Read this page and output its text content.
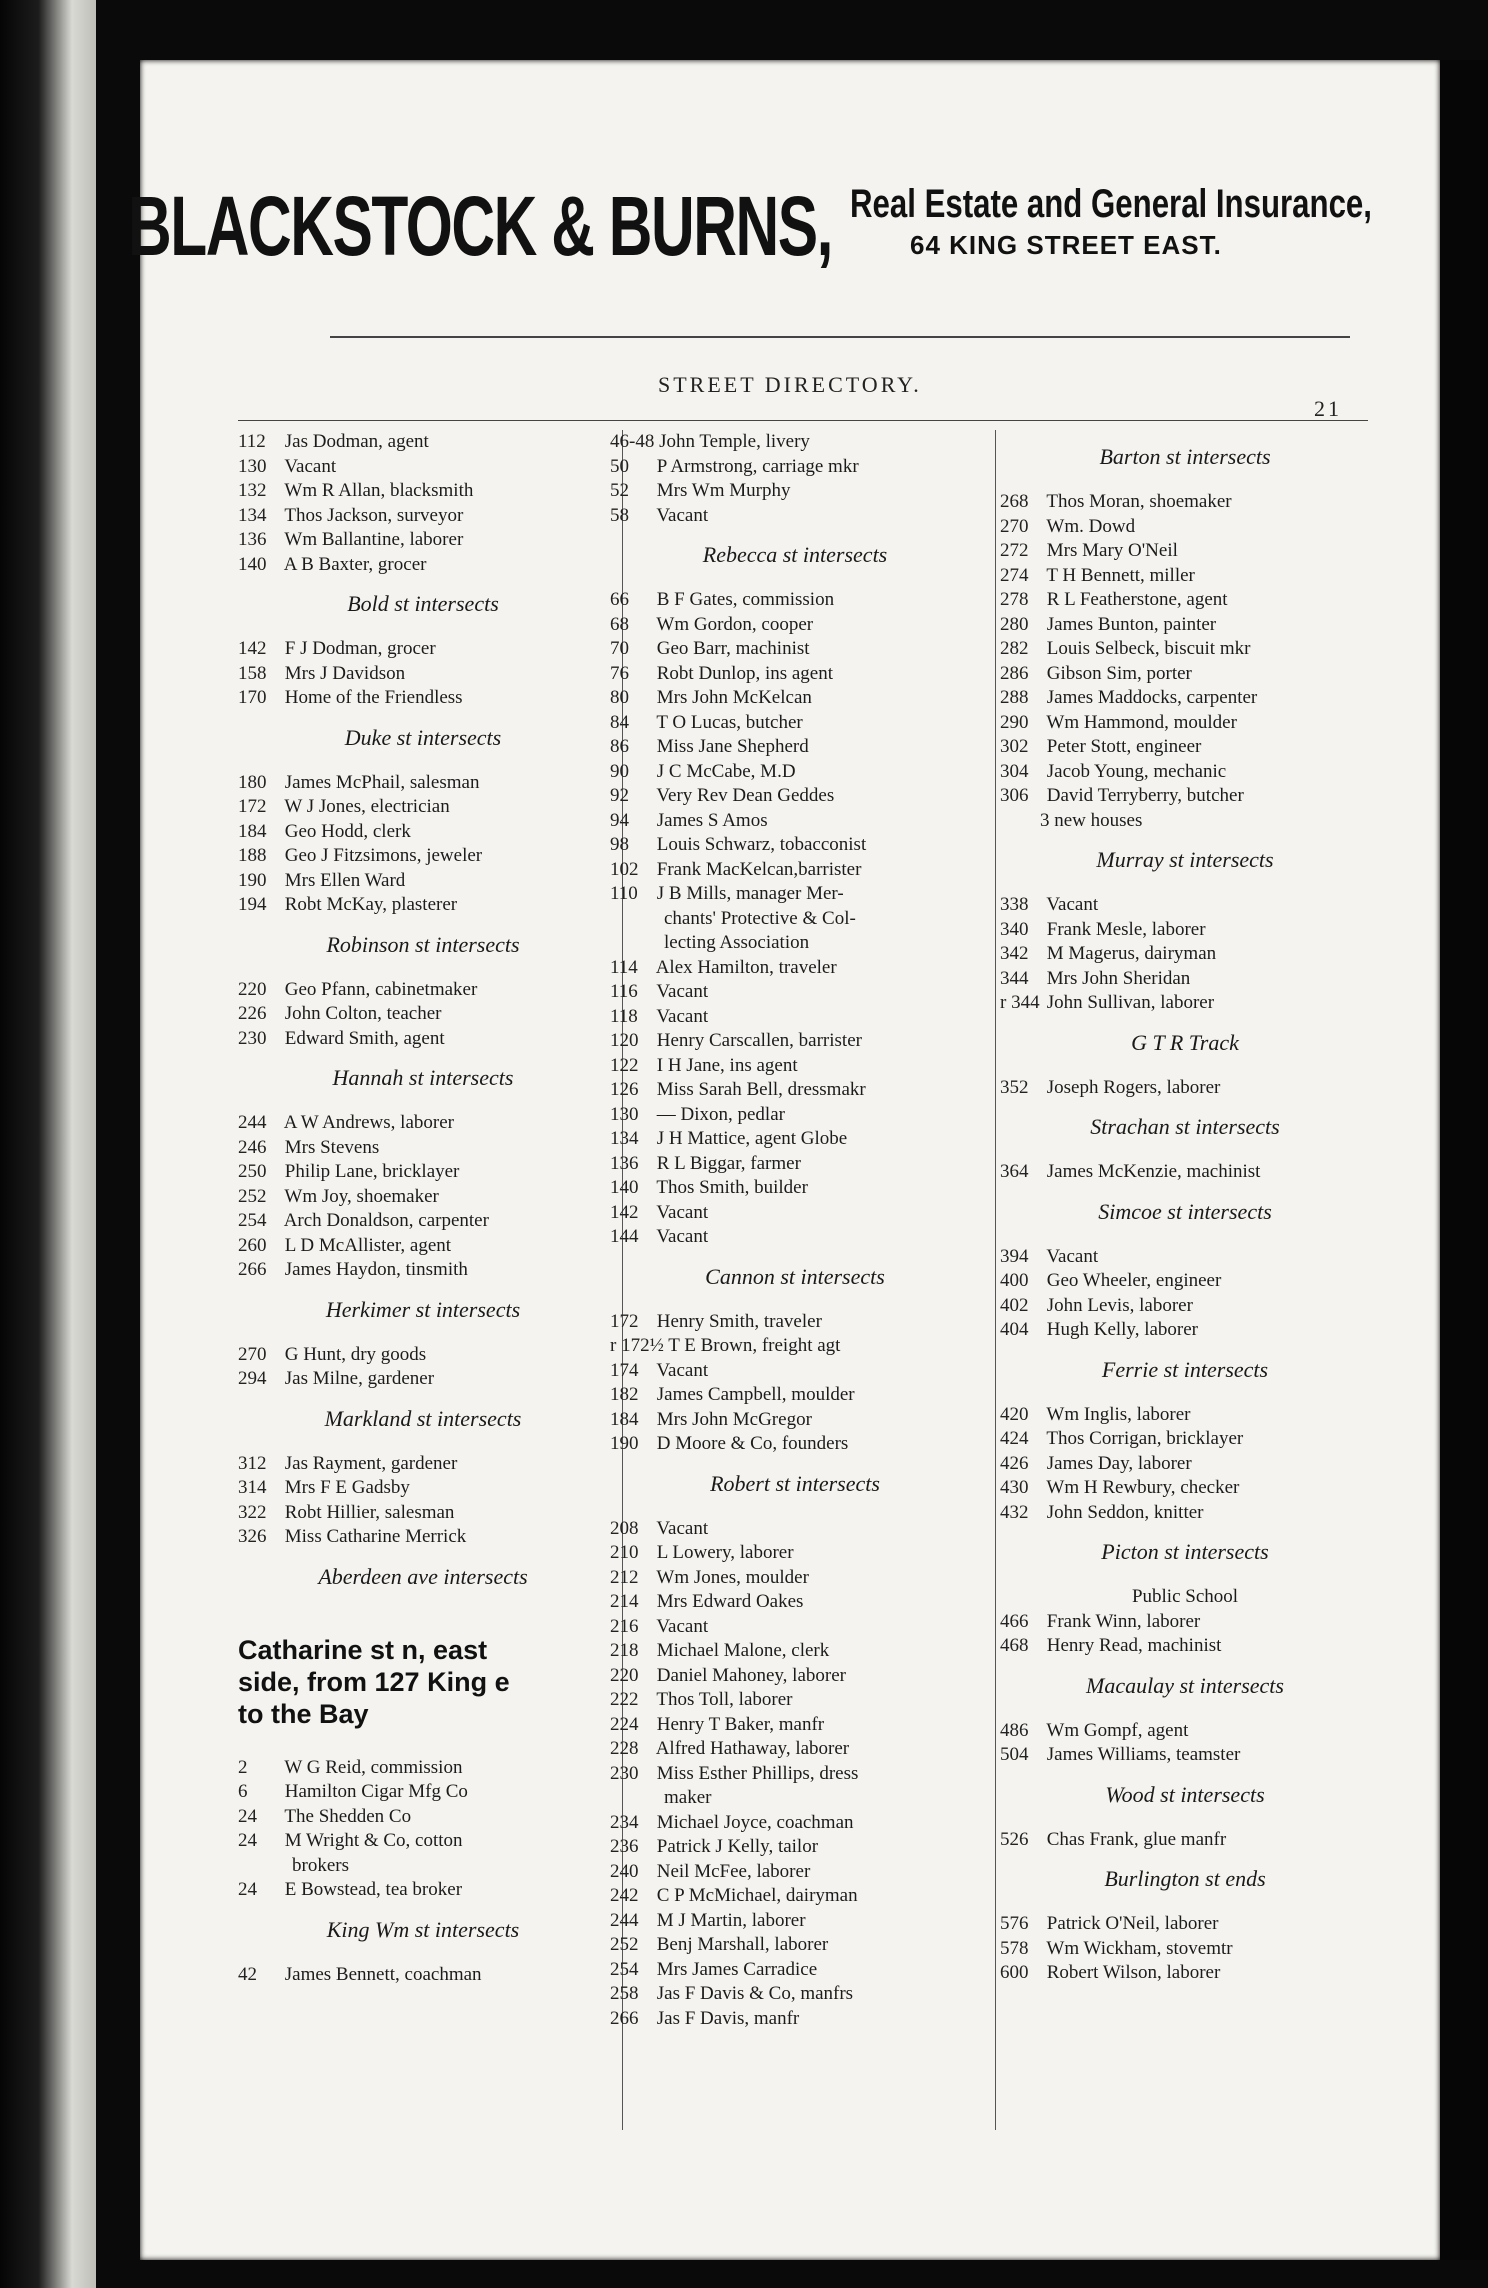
BLACKSTOCK & BURNS, Real Estate and General Insurance,
64 KING STREET EAST.
STREET DIRECTORY.
21
112 Jas Dodman, agent
130 Vacant
132 Wm R Allan, blacksmith
134 Thos Jackson, surveyor
136 Wm Ballantine, laborer
140 A B Baxter, grocer
Bold st intersects
142 F J Dodman, grocer
158 Mrs J Davidson
170 Home of the Friendless
Duke st intersects
180 James McPhail, salesman
172 W J Jones, electrician
184 Geo Hodd, clerk
188 Geo J Fitzsimons, jeweler
190 Mrs Ellen Ward
194 Robt McKay, plasterer
Robinson st intersects
220 Geo Pfann, cabinetmaker
226 John Colton, teacher
230 Edward Smith, agent
Hannah st intersects
244 A W Andrews, laborer
246 Mrs Stevens
250 Philip Lane, bricklayer
252 Wm Joy, shoemaker
254 Arch Donaldson, carpenter
260 L D McAllister, agent
266 James Haydon, tinsmith
Herkimer st intersects
270 G Hunt, dry goods
294 Jas Milne, gardener
Markland st intersects
312 Jas Rayment, gardener
314 Mrs F E Gadsby
322 Robt Hillier, salesman
326 Miss Catharine Merrick
Aberdeen ave intersects
Catharine st n, east
side, from 127 King e
to the Bay
2 W G Reid, commission
6 Hamilton Cigar Mfg Co
24 The Shedden Co
24 M Wright & Co, cotton
brokers
24 E Bowstead, tea broker
King Wm st intersects
42 James Bennett, coachman
46-48 John Temple, livery
50 P Armstrong, carriage mkr
52 Mrs Wm Murphy
58 Vacant
Rebecca st intersects
66 B F Gates, commission
68 Wm Gordon, cooper
70 Geo Barr, machinist
76 Robt Dunlop, ins agent
80 Mrs John McKelcan
84 T O Lucas, butcher
86 Miss Jane Shepherd
90 J C McCabe, M.D
92 Very Rev Dean Geddes
94 James S Amos
98 Louis Schwarz, tobacconist
102 Frank MacKelcan,barrister
110 J B Mills, manager Mer-
chants' Protective & Col-
lecting Association
114 Alex Hamilton, traveler
116 Vacant
118 Vacant
120 Henry Carscallen, barrister
122 I H Jane, ins agent
126 Miss Sarah Bell, dressmakr
130 — Dixon, pedlar
134 J H Mattice, agent Globe
136 R L Biggar, farmer
140 Thos Smith, builder
142 Vacant
144 Vacant
Cannon st intersects
172 Henry Smith, traveler
r 172½ T E Brown, freight agt
174 Vacant
182 James Campbell, moulder
184 Mrs John McGregor
190 D Moore & Co, founders
Robert st intersects
208 Vacant
210 L Lowery, laborer
212 Wm Jones, moulder
214 Mrs Edward Oakes
216 Vacant
218 Michael Malone, clerk
220 Daniel Mahoney, laborer
222 Thos Toll, laborer
224 Henry T Baker, manfr
228 Alfred Hathaway, laborer
230 Miss Esther Phillips, dress
maker
234 Michael Joyce, coachman
236 Patrick J Kelly, tailor
240 Neil McFee, laborer
242 C P McMichael, dairyman
244 M J Martin, laborer
252 Benj Marshall, laborer
254 Mrs James Carradice
258 Jas F Davis & Co, manfrs
266 Jas F Davis, manfr
Barton st intersects
268 Thos Moran, shoemaker
270 Wm. Dowd
272 Mrs Mary O'Neil
274 T H Bennett, miller
278 R L Featherstone, agent
280 James Bunton, painter
282 Louis Selbeck, biscuit mkr
286 Gibson Sim, porter
288 James Maddocks, carpenter
290 Wm Hammond, moulder
302 Peter Stott, engineer
304 Jacob Young, mechanic
306 David Terryberry, butcher
3 new houses
Murray st intersects
338 Vacant
340 Frank Mesle, laborer
342 M Magerus, dairyman
344 Mrs John Sheridan
r 344 John Sullivan, laborer
G T R Track
352 Joseph Rogers, laborer
Strachan st intersects
364 James McKenzie, machinist
Simcoe st intersects
394 Vacant
400 Geo Wheeler, engineer
402 John Levis, laborer
404 Hugh Kelly, laborer
Ferrie st intersects
420 Wm Inglis, laborer
424 Thos Corrigan, bricklayer
426 James Day, laborer
430 Wm H Rewbury, checker
432 John Seddon, knitter
Picton st intersects
Public School
466 Frank Winn, laborer
468 Henry Read, machinist
Macaulay st intersects
486 Wm Gompf, agent
504 James Williams, teamster
Wood st intersects
526 Chas Frank, glue manfr
Burlington st ends
576 Patrick O'Neil, laborer
578 Wm Wickham, stovemtr
600 Robert Wilson, laborer
